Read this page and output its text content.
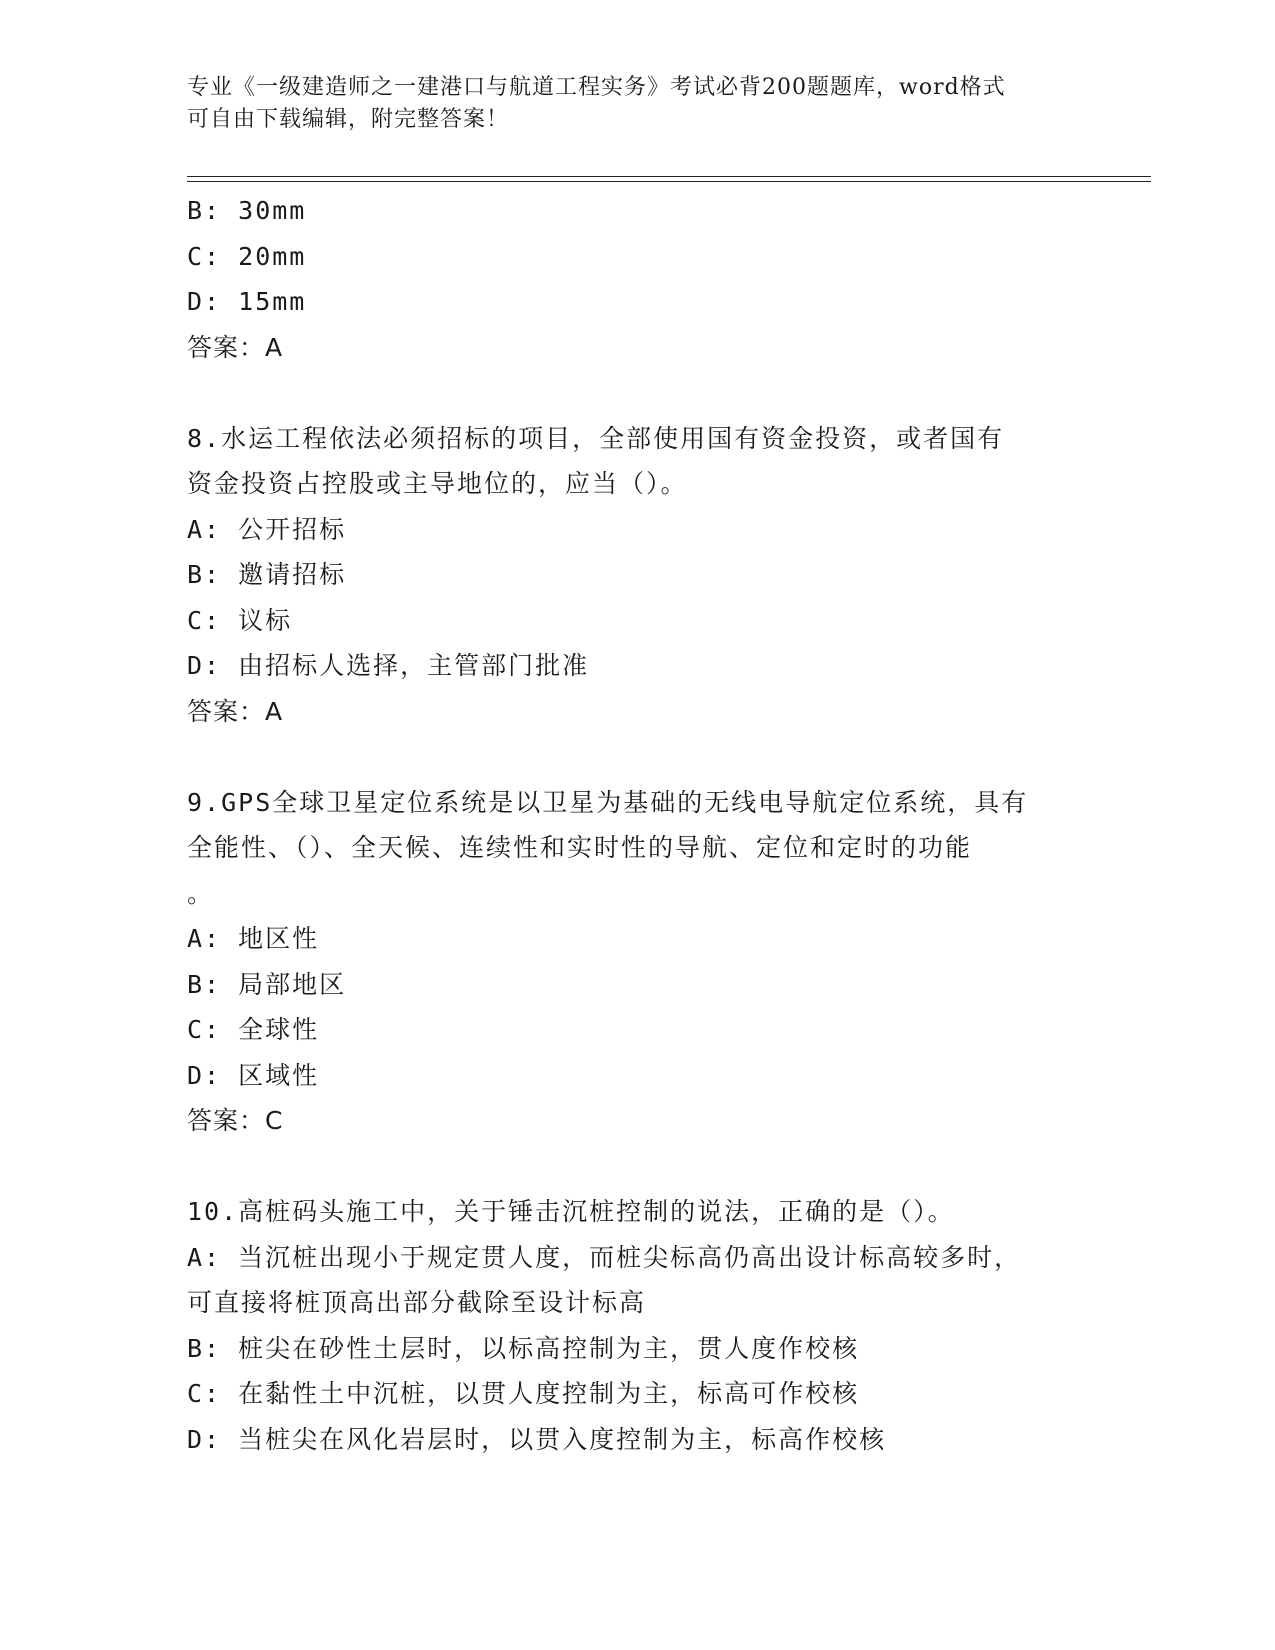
专业《一级建造师之一建港口与航道工程实务》考试必背200题题库，word格式
可自由下载编辑，附完整答案！

B: 30mm

C: 20mm

D: 15mm

答案：A

8.水运工程依法必须招标的项目，全部使用国有资金投资，或者国有
资金投资占控股或主导地位的，应当（）。

A: 公开招标

B: 邀请招标

C: 议标

D: 由招标人选择，主管部门批准

答案：A

9.GPS全球卫星定位系统是以卫星为基础的无线电导航定位系统，具有
全能性、（）、全天候、连续性和实时性的导航、定位和定时的功能
。

A: 地区性

B: 局部地区

C: 全球性

D: 区域性

答案：C

10.高桩码头施工中，关于锤击沉桩控制的说法，正确的是（）。

A: 当沉桩出现小于规定贯人度，而桩尖标高仍高出设计标高较多时，
可直接将桩顶高出部分截除至设计标高

B: 桩尖在砂性土层时，以标高控制为主，贯人度作校核

C: 在黏性土中沉桩，以贯人度控制为主，标高可作校核

D: 当桩尖在风化岩层时，以贯入度控制为主，标高作校核
